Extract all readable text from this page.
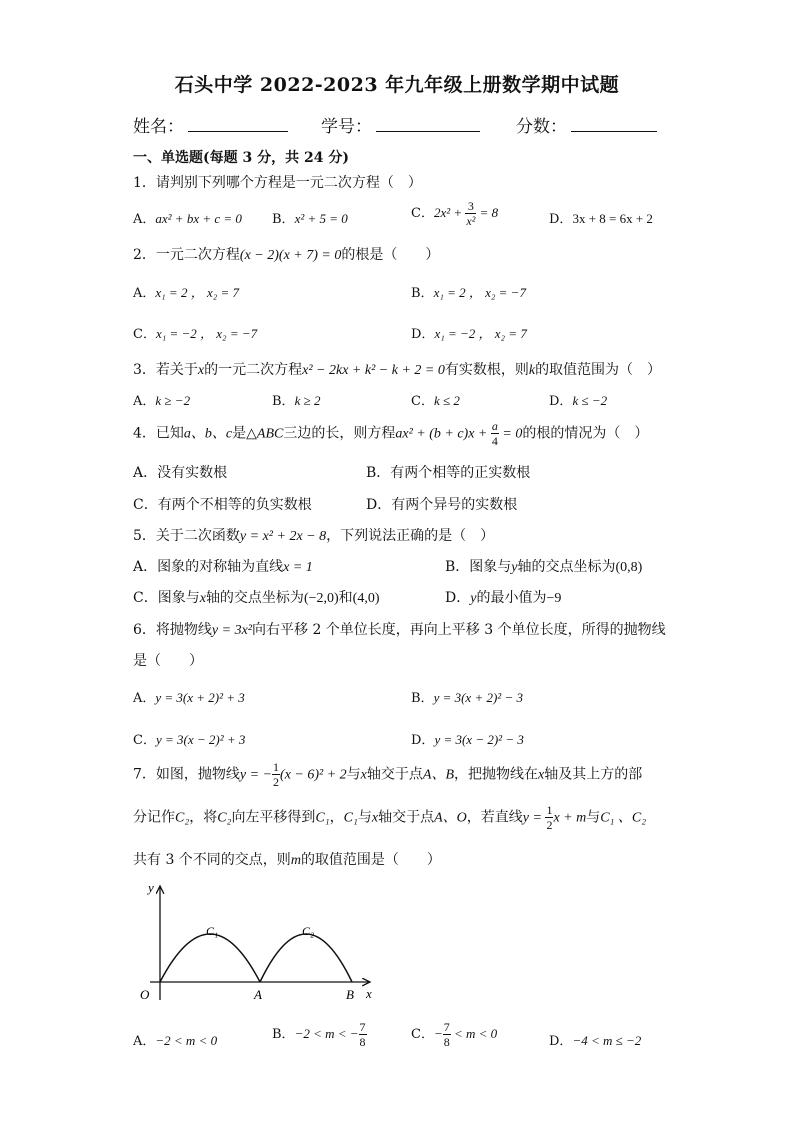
石头中学 2022-2023 年九年级上册数学期中试题
姓名：	学号：	分数：
一、单选题(每题 3 分，共 24 分)
1．请判别下列哪个方程是一元二次方程（　）
A．ax² + bx + c = 0 B．x² + 5 = 0	C．$2x^2 + \frac{3}{\text{x²}} = 8$	D．3x + 8 = 6x + 2
2．一元二次方程(x − 2)(x + 7) = 0的根是（　　）
A．x₁ = 2 ， x₂ = 7	B．x₁ = 2 ， x₂ = −7
C．x₁ = −2 ， x₂ = −7	D．x₁ = −2 ， x₂ = 7
3．若关于x的一元二次方程x² − 2kx + k² − k + 2 = 0有实数根，则k的取值范围为（　）
A．k ≥ −2	B．k ≥ 2	C．k ≤ 2	D．k ≤ −2
4．已知a、b、c是△ABC三边的长，则方程$ax^2 + (b + c)x + \frac{a}{4} = 0$的根的情况为（　）
A．没有实数根	B．有两个相等的正实数根
C．有两个不相等的负实数根	D．有两个异号的实数根
5．关于二次函数y = x² + 2x − 8，下列说法正确的是（　）
A．图象的对称轴为直线x = 1	B．图象与y轴的交点坐标为(0,8)
C．图象与x轴的交点坐标为(−2,0)和(4,0)	D．y的最小值为−9
6．将抛物线y = 3x²向右平移 2 个单位长度，再向上平移 3 个单位长度，所得的抛物线
是（　　）
A．y = 3(x + 2)² + 3	B．y = 3(x + 2)² − 3
C．y = 3(x − 2)² + 3	D．y = 3(x − 2)² − 3
7．如图，抛物线y = − $\frac{1}{2} (x - 6)^2 + 2$与x轴交于点A、B，把抛物线在x轴及其上方的部
分记作C₂，将C₂向左平移得到C₁，C₁与x轴交于点A、O，若直线$y = \frac{1}{2}$ x + m与C₁ 、C₂
共有 3 个不同的交点，则m的取值范围是（　　）
y
x
O	A	B
C₁	C₂
A．−2 < m < 0	B．−2 < m < − $\frac{7}{8}$	C．− $\frac{7}{8} < m < 0$
D．−4 < m ≤ −2
